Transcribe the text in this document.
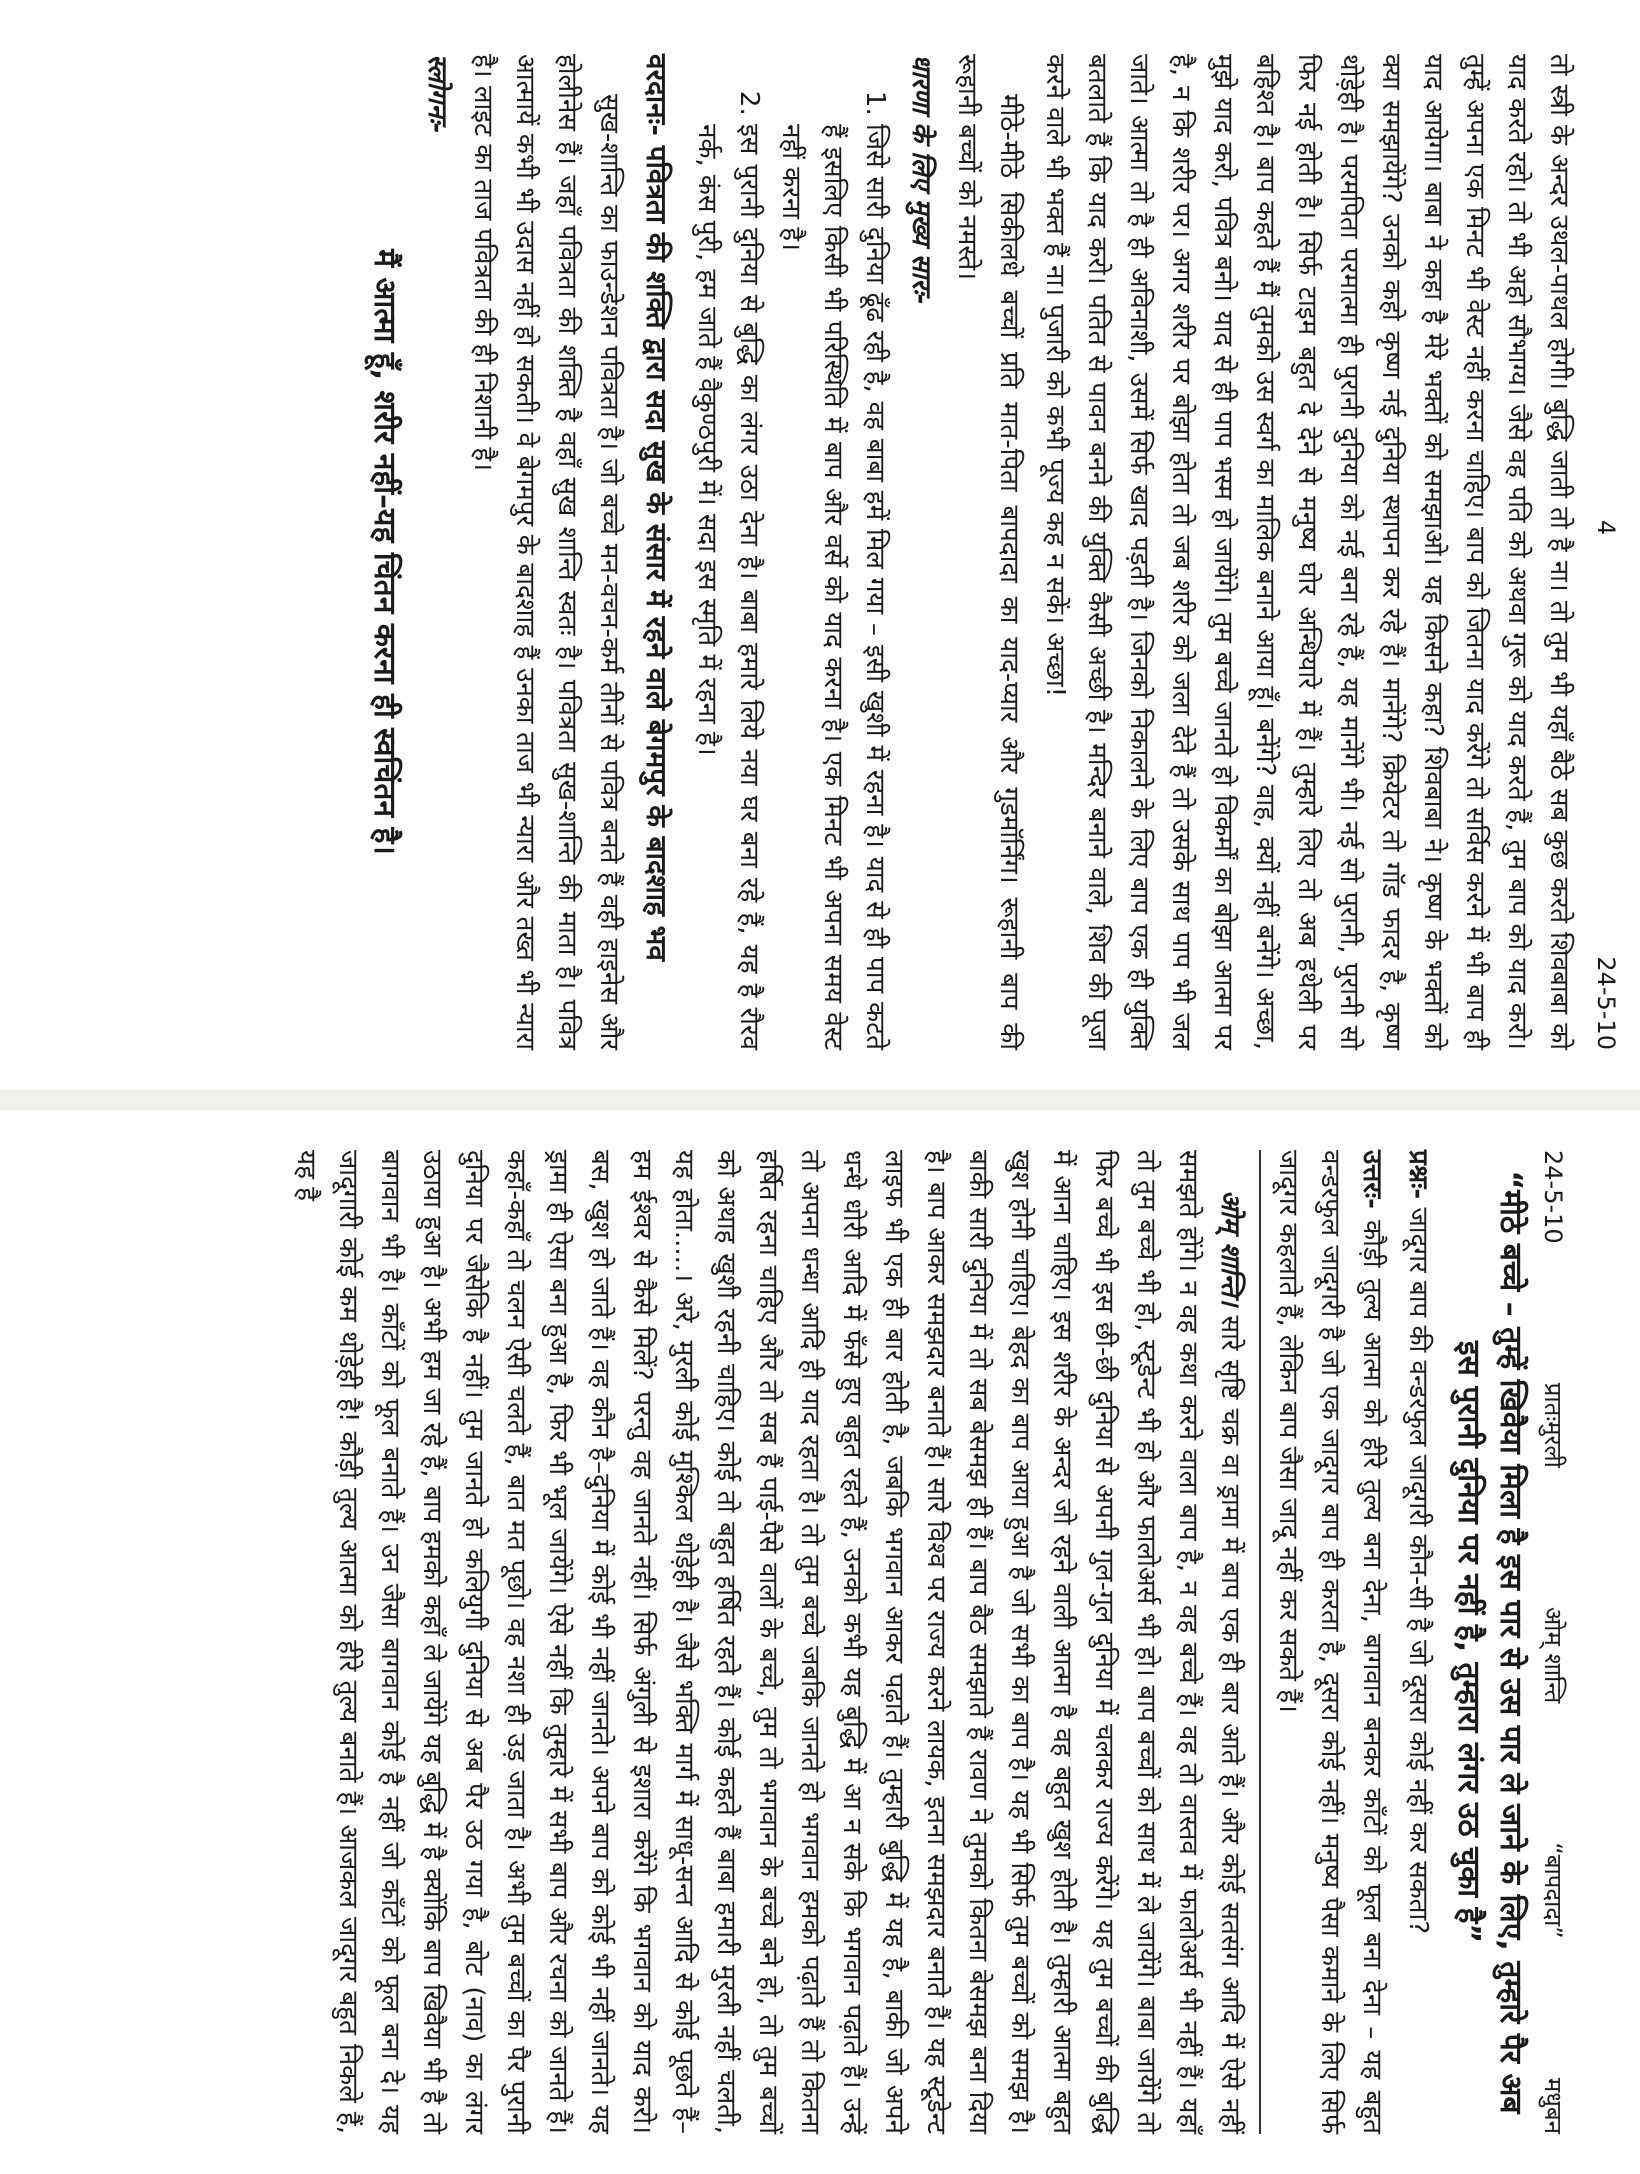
4
24-5-10

तो स्त्री के अन्दर उथल-पाथल होगी। बुद्धि जाती तो है ना। तो तुम भी यहाँ बैठे सब कुछ करते शिवबाबा को याद करते रहो। तो भी अहो सौभाग्य। जैसे वह पति को अथवा गुरू को याद करते हैं, तुम बाप को याद करो। तुम्हें अपना एक मिनट भी वेस्ट नहीं करना चाहिए। बाप को जितना याद करेंगे तो सर्विस करने में भी बाप ही याद आयेगा। बाबा ने कहा है मेरे भक्तों को समझाओ। यह किसने कहा? शिवबाबा ने। कृष्ण के भक्तों को क्या समझायेंगे? उनको कहो कृष्ण नई दुनिया स्थापन कर रहे हैं। मानेंगे? क्रियेटर तो गॉड फादर है, कृष्ण थोड़ेही है। परमपिता परमात्मा ही पुरानी दुनिया को नई बना रहे हैं, यह मानेंगे भी। नई सो पुरानी, पुरानी सो फिर नई होती है। सिर्फ टाइम बहुत दे देने से मनुष्य घोर अन्धियारे में हैं। तुम्हारे लिए तो अब हथेली पर बहिश्त है। बाप कहते हैं मैं तुमको उस स्वर्ग का मालिक बनाने आया हूँ। बनेंगे? वाह, क्यों नहीं बनेंगे। अच्छा, मुझे याद करो, पवित्र बनो। याद से ही पाप भस्म हो जायेंगे। तुम बच्चे जानते हो विकर्मों का बोझा आत्मा पर है, न कि शरीर पर। अगर शरीर पर बोझा होता तो जब शरीर को जला देते हैं तो उसके साथ पाप भी जल जाते। आत्मा तो है ही अविनाशी, उसमें सिर्फ खाद पड़ती है। जिनको निकालने के लिए बाप एक ही युक्ति बतलाते हैं कि याद करो। पतित से पावन बनने की युक्ति कैसी अच्छी है। मन्दिर बनाने वाले, शिव की पूजा करने वाले भी भक्त हैं ना। पुजारी को कभी पूज्य कह न सकें। अच्छा!

मीठे-मीठे सिकीलधे बच्चों प्रति मात-पिता बापदादा का याद-प्यार और गुडमॉर्निंग। रूहानी बाप की रूहानी बच्चों को नमस्ते।

धारणा के लिए मुख्य सारः-
1. जिसे सारी दुनिया ढूँढ रही है, वह बाबा हमें मिल गया – इसी खुशी में रहना है। याद से ही पाप कटते हैं इसलिए किसी भी परिस्थिति में बाप और वर्से को याद करना है। एक मिनट भी अपना समय वेस्ट नहीं करना है।
2. इस पुरानी दुनिया से बुद्धि का लंगर उठा देना है। बाबा हमारे लिये नया घर बना रहे हैं, यह है रौरव नर्क, कंस पुरी, हम जाते हैं वैकुण्ठपुरी में। सदा इस स्मृति में रहना है।
वरदानः- पवित्रता की शक्ति द्वारा सदा सुख के संसार में रहने वाले बेगमपुर के बादशाह भव

सुख-शान्ति का फाउन्डेशन पवित्रता है। जो बच्चे मन-वचन-कर्म तीनों से पवित्र बनते हैं वही हाइनेस और होलीनेस हैं। जहाँ पवित्रता की शक्ति है वहाँ सुख शान्ति स्वतः है। पवित्रता सुख-शान्ति की माता है। पवित्र आत्मायें कभी भी उदास नहीं हो सकती। वे बेगमपुर के बादशाह हैं उनका ताज भी न्यारा और तख्त भी न्यारा है। लाइट का ताज पवित्रता की ही निशानी है।

स्लोगनः-
मैं आत्मा हूँ, शरीर नहीं–यह चिंतन करना ही स्वचिंतन है।
24-5-10
प्रातःमुरली
ओम् शान्ति
“बापदादा”
मधुबन
“मीठे बच्चे – तुम्हें खिवैया मिला है इस पार से उस पार ले जाने के लिए, तुम्हारे पैर अब इस पुरानी दुनिया पर नहीं है, तुम्हारा लंगर उठ चुका है”

प्रश्नः- जादूगर बाप की वन्डरफुल जादूगरी कौन-सी है जो दूसरा कोई नहीं कर सकता?

उत्तरः- कौड़ी तुल्य आत्मा को हीरे तुल्य बना देना, बागवान बनकर काँटों को फूल बना देना – यह बहुत वन्डरफुल जादूगरी है जो एक जादूगर बाप ही करता है, दूसरा कोई नहीं। मनुष्य पैसा कमाने के लिए सिर्फ जादूगर कहलाते हैं, लेकिन बाप जैसा जादू नहीं कर सकते हैं।

ओम् शान्ति। सारे सृष्टि चक्र वा ड्रामा में बाप एक ही बार आते हैं। और कोई सतसंग आदि में ऐसे नहीं समझते होंगे। न वह कथा करने वाला बाप है, न वह बच्चे हैं। वह तो वास्तव में फालोअर्स भी नहीं हैं। यहाँ तो तुम बच्चे भी हो, स्टूडेन्ट भी हो और फालोअर्स भी हो। बाप बच्चों को साथ में ले जायेंगे। बाबा जायेंगे तो फिर बच्चे भी इस छी-छी दुनिया से अपनी गुल-गुल दुनिया में चलकर राज्य करेंगे। यह तुम बच्चों की बुद्धि में आना चाहिए। इस शरीर के अन्दर जो रहने वाली आत्मा है वह बहुत खुश होती है। तुम्हारी आत्मा बहुत खुश होनी चाहिए। बेहद का बाप आया हुआ है जो सभी का बाप है। यह भी सिर्फ तुम बच्चों को समझ है। बाकी सारी दुनिया में तो सब बेसमझ ही हैं। बाप बैठ समझाते हैं रावण ने तुमको कितना बेसमझ बना दिया है। बाप आकर समझदार बनाते हैं। सारे विश्व पर राज्य करने लायक, इतना समझदार बनाते हैं। यह स्टूडेन्ट लाइफ भी एक ही बार होती है, जबकि भगवान आकर पढ़ाते हैं। तुम्हारी बुद्धि में यह है, बाकी जो अपने धन्धे धोरी आदि में फँसे हुए बहुत रहते हैं, उनको कभी यह बुद्धि में आ न सके कि भगवान पढ़ाते हैं। उन्हें तो अपना धन्धा आदि ही याद रहता है। तो तुम बच्चे जबकि जानते हो भगवान हमको पढ़ाते हैं तो कितना हर्षित रहना चाहिए और तो सब हैं पाई-पैसे वालों के बच्चे, तुम तो भगवान के बच्चे बने हो, तो तुम बच्चों को अथाह खुशी रहनी चाहिए। कोई तो बहुत हर्षित रहते हैं। कोई कहते हैं बाबा हमारी मुरली नहीं चलती, यह होता.....। अरे, मुरली कोई मुश्किल थोड़ेही है। जैसे भक्ति मार्ग में साधू-सन्त आदि से कोई पूछते हैं–हम ईश्वर से कैसे मिलें? परन्तु वह जानते नहीं। सिर्फ अंगुली से इशारा करेंगे कि भगवान को याद करो। बस, खुश हो जाते हैं। वह कौन है–दुनिया में कोई भी नहीं जानते। अपने बाप को कोई भी नहीं जानते। यह ड्रामा ही ऐसा बना हुआ है, फिर भी भूल जायेंगे। ऐसे नहीं कि तुम्हारे में सभी बाप और रचना को जानते हैं। कहाँ-कहाँ तो चलन ऐसी चलते हैं, बात मत पूछो। वह नशा ही उड़ जाता है। अभी तुम बच्चों का पैर पुरानी दुनिया पर जैसेकि है नहीं। तुम जानते हो कलियुगी दुनिया से अब पैर उठ गया है, बोट (नाव) का लंगर उठाया हुआ है। अभी हम जा रहे हैं, बाप हमको कहाँ ले जायेंगे यह बुद्धि में है क्योंकि बाप खिवैया भी है तो बागवान भी है। काँटों को फूल बनाते हैं। उन जैसा बागवान कोई है नहीं जो काँटों को फूल बना दे। यह जादूगारी कोई कम थोड़ेही है! कौड़ी तुल्य आत्मा को हीरे तुल्य बनाते हैं। आजकल जादूगर बहुत निकले हैं, यह है
